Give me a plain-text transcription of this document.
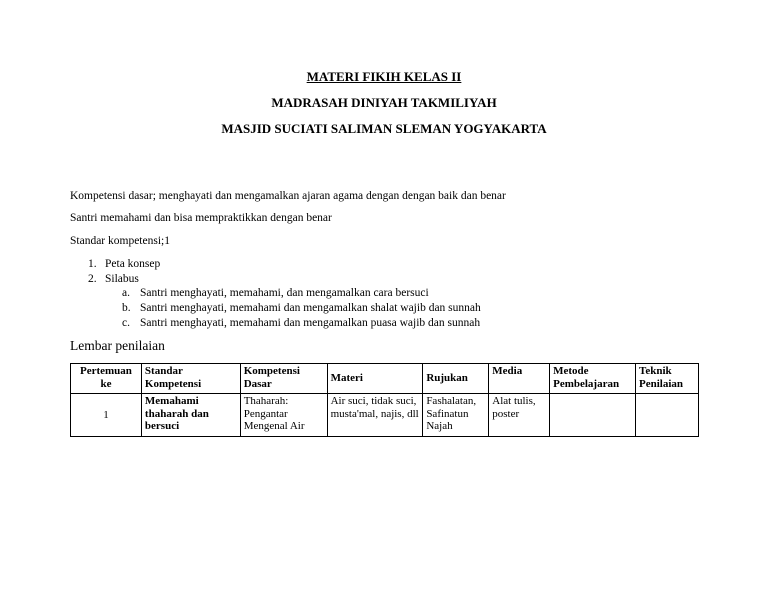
MATERI FIKIH KELAS II
MADRASAH DINIYAH TAKMILIYAH
MASJID SUCIATI SALIMAN SLEMAN YOGYAKARTA
Kompetensi dasar; menghayati dan mengamalkan ajaran agama dengan dengan baik dan benar
Santri memahami dan bisa mempraktikkan dengan benar
Standar kompetensi;1
1. Peta konsep
2. Silabus
a. Santri menghayati, memahami, dan mengamalkan cara bersuci
b. Santri menghayati, memahami dan mengamalkan shalat wajib dan sunnah
c. Santri menghayati, memahami dan mengamalkan puasa wajib dan sunnah
Lembar penilaian
Pertemuan ke	Standar Kompetensi	Kompetensi Dasar	Materi	Rujukan	Media	Metode Pembelajaran	Teknik Penilaian
1	Memahami thaharah dan bersuci	Thaharah: Pengantar Mengenal Air	Air suci, tidak suci, musta'mal, najis, dll	Fashalatan, Safinatun Najah	Alat tulis, poster		
